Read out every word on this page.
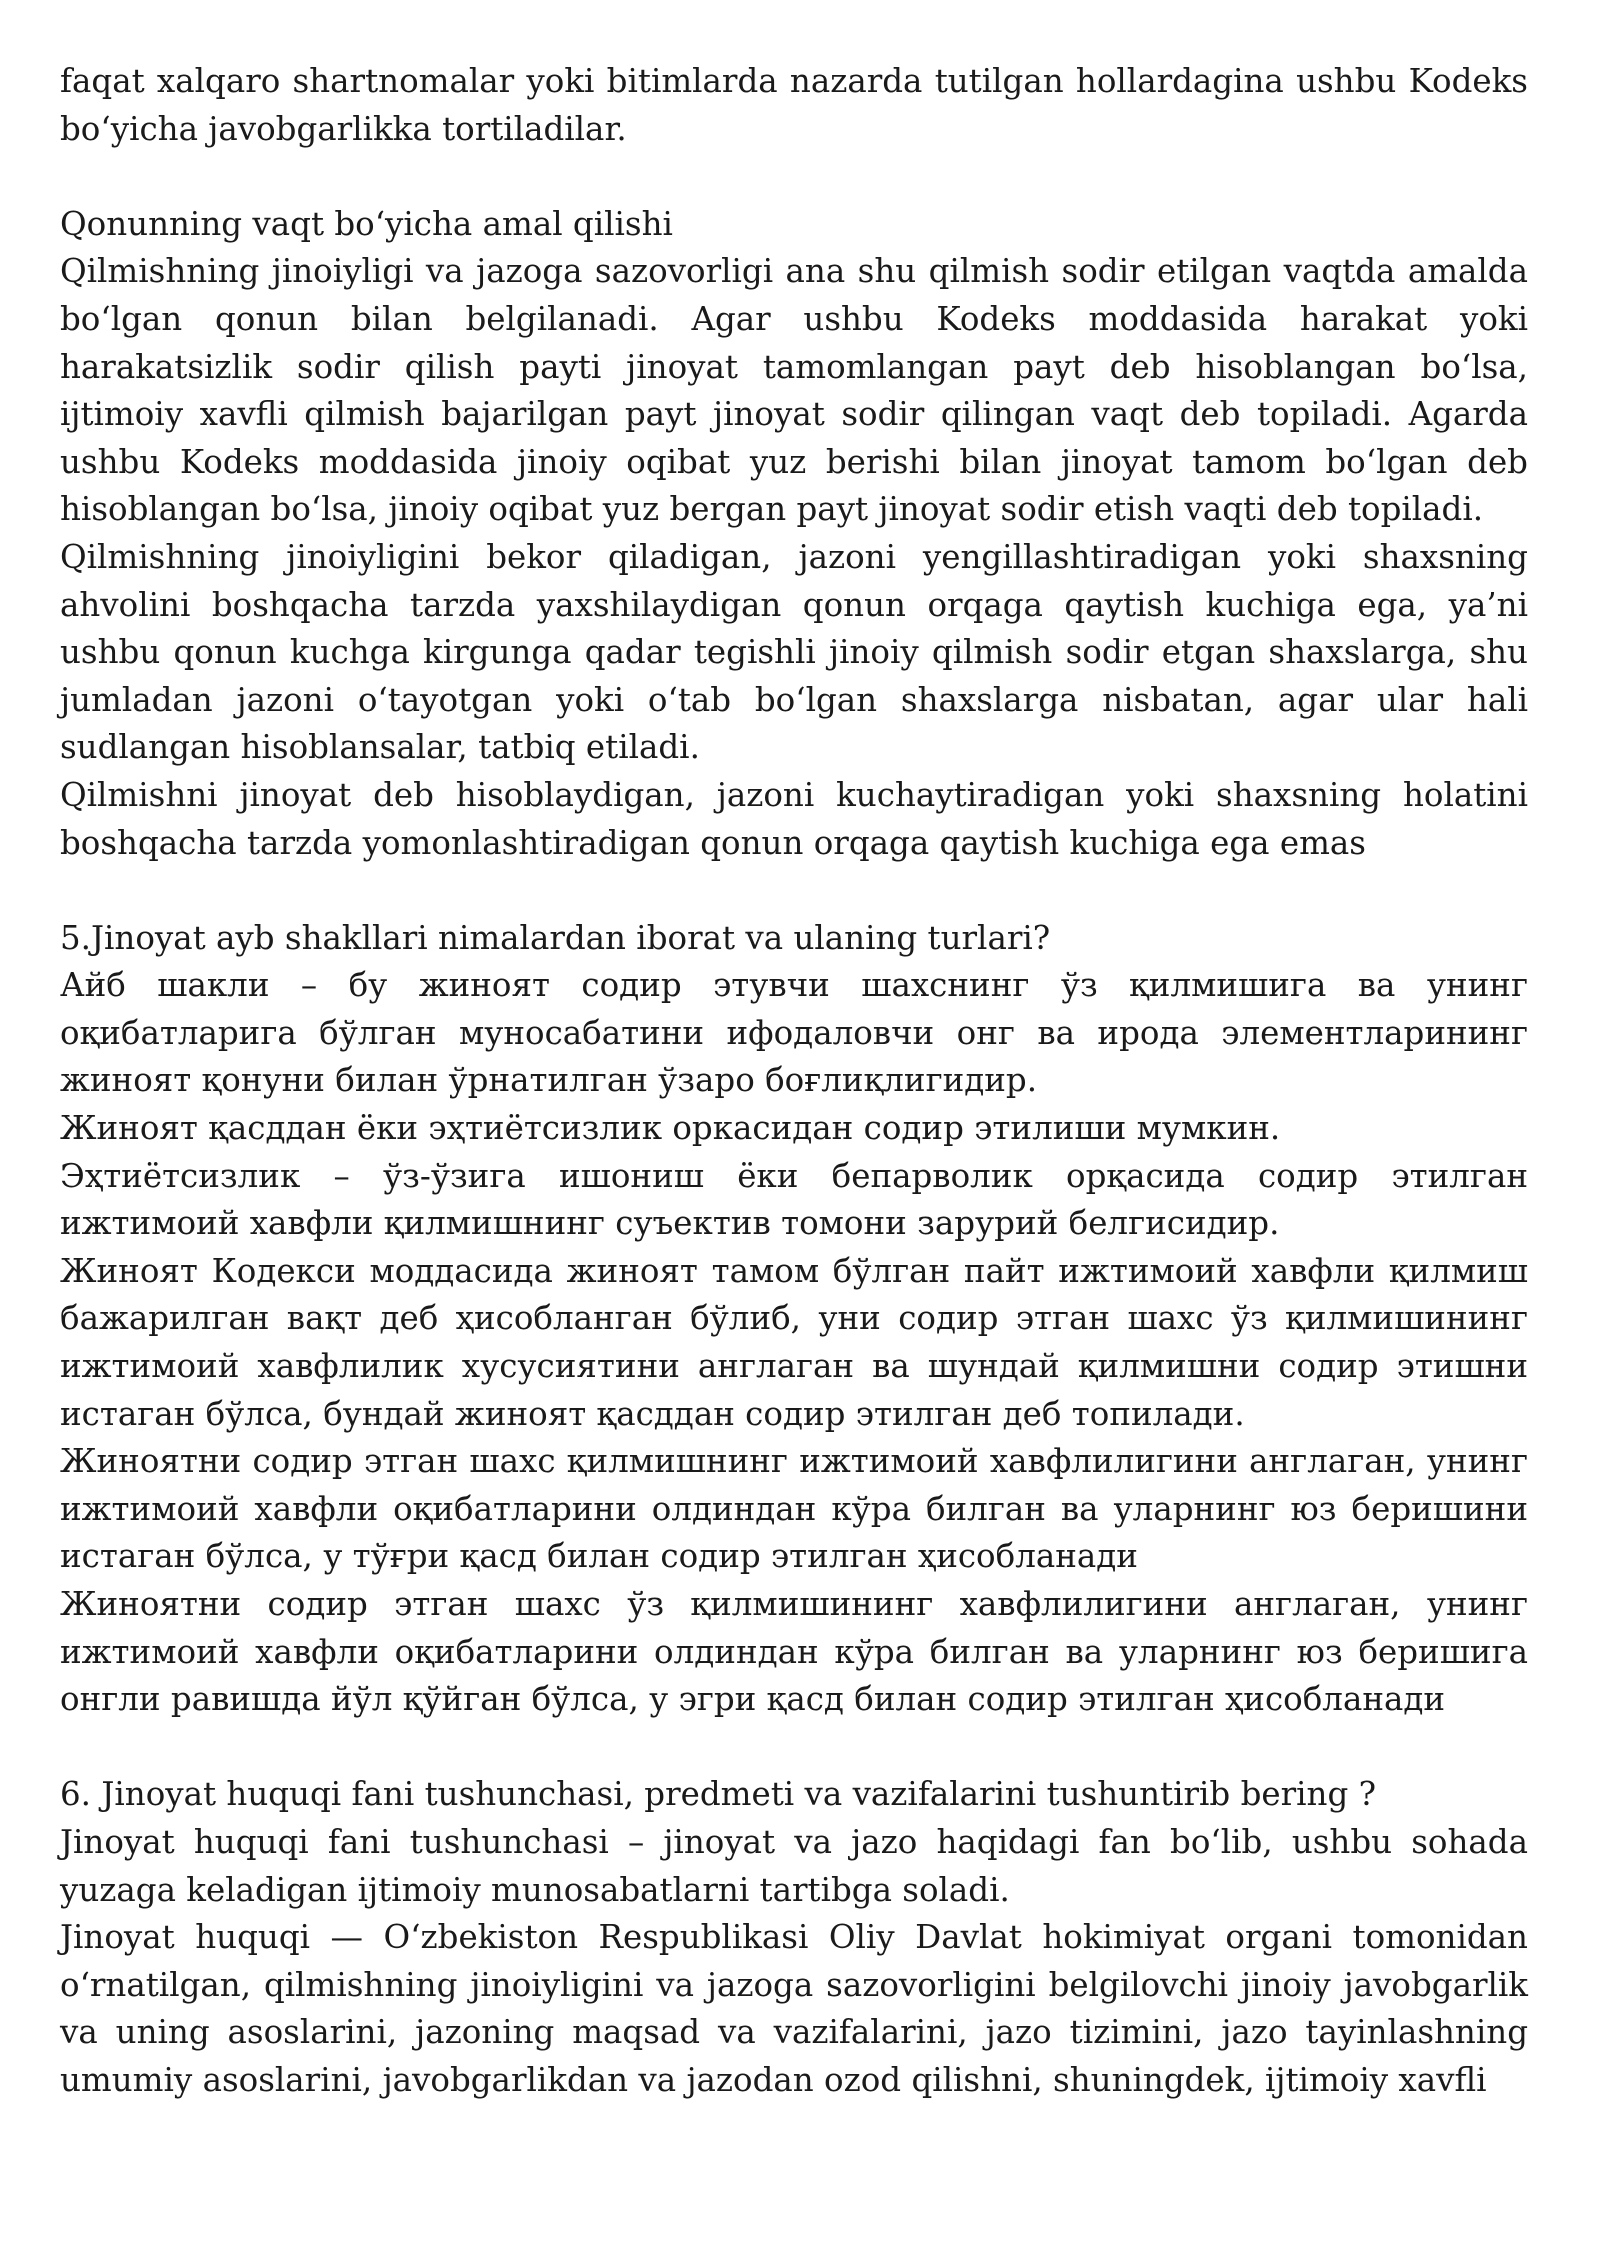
faqat xalqaro shartnomalar yoki bitimlarda nazarda tutilgan hollardagina ushbu Kodeks boʻyicha javobgarlikka tortiladilar.

Qonunning vaqt boʻyicha amal qilishi

Qilmishning jinoiyligi va jazoga sazovorligi ana shu qilmish sodir etilgan vaqtda amalda boʻlgan qonun bilan belgilanadi. Agar ushbu Kodeks moddasida harakat yoki harakatsizlik sodir qilish payti jinoyat tamomlangan payt deb hisoblangan boʻlsa, ijtimoiy xavfli qilmish bajarilgan payt jinoyat sodir qilingan vaqt deb topiladi. Agarda ushbu Kodeks moddasida jinoiy oqibat yuz berishi bilan jinoyat tamom boʻlgan deb hisoblangan boʻlsa, jinoiy oqibat yuz bergan payt jinoyat sodir etish vaqti deb topiladi.

Qilmishning jinoiyligini bekor qiladigan, jazoni yengillashtiradigan yoki shaxsning ahvolini boshqacha tarzda yaxshilaydigan qonun orqaga qaytish kuchiga ega, ya’ni ushbu qonun kuchga kirgunga qadar tegishli jinoiy qilmish sodir etgan shaxslarga, shu jumladan jazoni oʻtayotgan yoki oʻtab boʻlgan shaxslarga nisbatan, agar ular hali sudlangan hisoblansalar, tatbiq etiladi.

Qilmishni jinoyat deb hisoblaydigan, jazoni kuchaytiradigan yoki shaxsning holatini boshqacha tarzda yomonlashtiradigan qonun orqaga qaytish kuchiga ega emas

5.Jinoyat ayb shakllari nimalardan iborat va ulaning turlari?

Айб шакли – бу жиноят содир этувчи шахснинг ўз қилмишига ва унинг оқибатларига бўлган муносабатини ифодаловчи онг ва ирода элементларининг жиноят қонуни билан ўрнатилган ўзаро боғлиқлигидир.

Жиноят қасддан ёки эҳтиётсизлик оркасидан содир этилиши мумкин.

Эҳтиётсизлик – ўз-ўзига ишониш ёки бепарволик орқасида содир этилган ижтимоий хавфли қилмишнинг суъектив томони зарурий белгисидир.

Жиноят Кодекси моддасида жиноят тамом бўлган пайт ижтимоий хавфли қилмиш бажарилган вақт деб ҳисобланган бўлиб, уни содир этган шахс ўз қилмишининг ижтимоий хавфлилик хусусиятини англаган ва шундай қилмишни содир этишни истаган бўлса, бундай жиноят қасддан содир этилган деб топилади.

Жиноятни содир этган шахс қилмишнинг ижтимоий хавфлилигини англаган, унинг ижтимоий хавфли оқибатларини олдиндан кўра билган ва уларнинг юз беришини истаган бўлса, у тўғри қасд билан содир этилган ҳисобланади

Жиноятни содир этган шахс ўз қилмишининг хавфлилигини англаган, унинг ижтимоий хавфли оқибатларини олдиндан кўра билган ва уларнинг юз беришига онгли равишда йўл қўйган бўлса, у эгри қасд билан содир этилган ҳисобланади

6. Jinoyat huquqi fani tushunchasi, predmeti va vazifalarini tushuntirib bering ?

Jinoyat huquqi fani tushunchasi – jinoyat va jazo haqidagi fan boʻlib, ushbu sohada yuzaga keladigan ijtimoiy munosabatlarni tartibga soladi.

Jinoyat huquqi — Oʻzbekiston Respublikasi Oliy Davlat hokimiyat organi tomonidan oʻrnatilgan, qilmishning jinoiyligini va jazoga sazovorligini belgilovchi jinoiy javobgarlik va uning asoslarini, jazoning maqsad va vazifalarini, jazo tizimini, jazo tayinlashning umumiy asoslarini, javobgarlikdan va jazodan ozod qilishni, shuningdek, ijtimoiy xavfli
